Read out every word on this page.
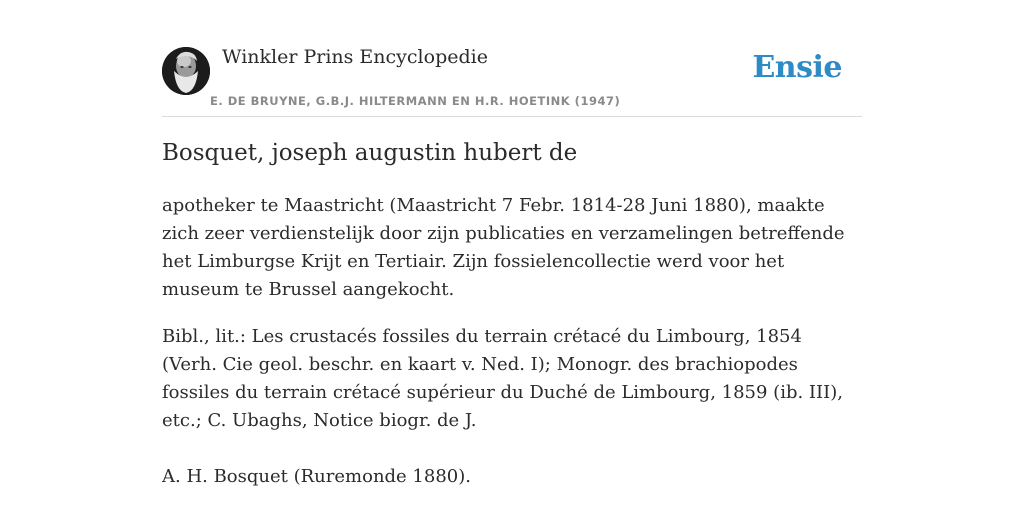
Winkler Prins Encyclopedie
E. DE BRUYNE, G.B.J. HILTERMANN EN H.R. HOETINK (1947)
Ensie
Bosquet, joseph augustin hubert de

apotheker te Maastricht (Maastricht 7 Febr. 1814-28 Juni 1880), maakte zich zeer verdienstelijk door zijn publicaties en verzamelingen betreffende het Limburgse Krijt en Tertiair. Zijn fossielencollectie werd voor het museum te Brussel aangekocht.

Bibl., lit.: Les crustacés fossiles du terrain crétacé du Limbourg, 1854 (Verh. Cie geol. beschr. en kaart v. Ned. I); Monogr. des brachiopodes fossiles du terrain crétacé supérieur du Duché de Limbourg, 1859 (ib. III), etc.; C. Ubaghs, Notice biogr. de J.

A. H. Bosquet (Ruremonde 1880).
